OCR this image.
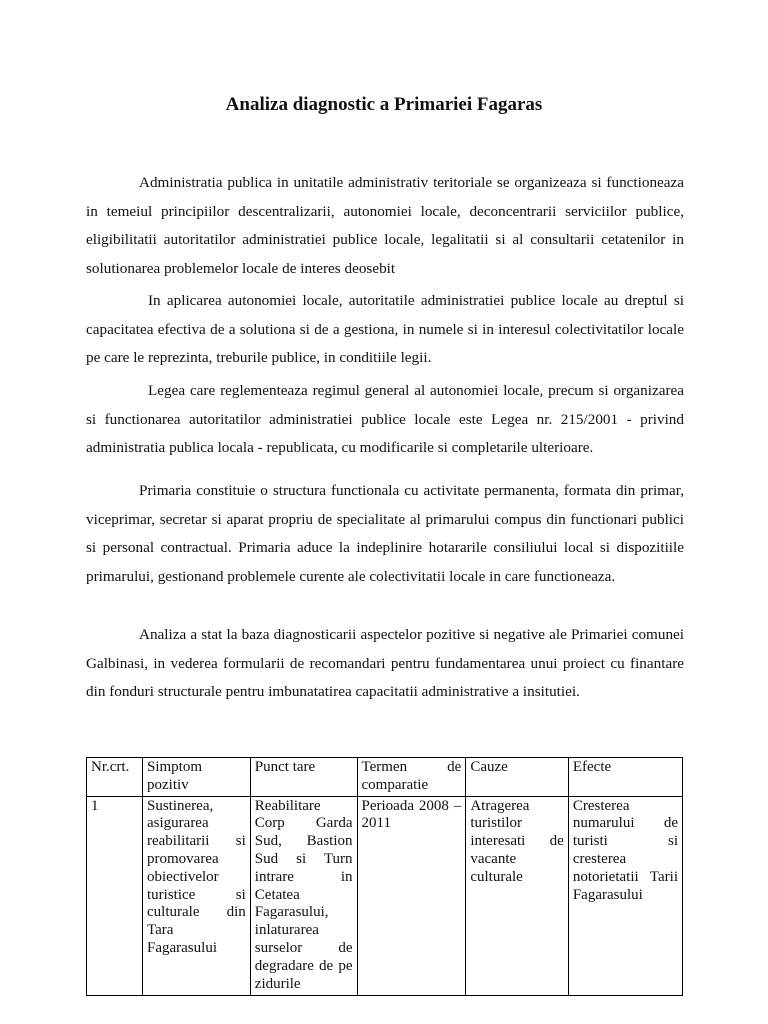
Analiza diagnostic a Primariei Fagaras

Administratia publica in unitatile administrativ teritoriale se organizeaza si functioneaza in temeiul principiilor descentralizarii, autonomiei locale, deconcentrarii serviciilor publice, eligibilitatii autoritatilor administratiei publice locale, legalitatii si al consultarii cetatenilor in solutionarea problemelor locale de interes deosebit

In aplicarea autonomiei locale, autoritatile administratiei publice locale au dreptul si capacitatea efectiva de a solutiona si de a gestiona, in numele si in interesul colectivitatilor locale pe care le reprezinta, treburile publice, in conditiile legii.

Legea care reglementeaza regimul general al autonomiei locale, precum si organizarea si functionarea autoritatilor administratiei publice locale este Legea nr. 215/2001 - privind administratia publica locala - republicata, cu modificarile si completarile ulterioare.

Primaria constituie o structura functionala cu activitate permanenta, formata din primar, viceprimar, secretar si aparat propriu de specialitate al primarului compus din functionari publici si personal contractual. Primaria aduce la indeplinire hotararile consiliului local si dispozitiile primarului, gestionand problemele curente ale colectivitatii locale in care functioneaza.

Analiza a stat la baza diagnosticarii aspectelor pozitive si negative ale Primariei comunei Galbinasi, in vederea formularii de recomandari pentru fundamentarea unui proiect cu finantare din fonduri structurale pentru imbunatatirea capacitatii administrative a insitutiei.

Nr.crt.	Simptom pozitiv	Punct tare	Termen de comparatie	Cauze	Efecte
1	Sustinerea, asigurarea reabilitarii si promovarea obiectivelor turistice si culturale din Tara Fagarasului	Reabilitare Corp Garda Sud, Bastion Sud si Turn intrare in Cetatea Fagarasului, inlaturarea surselor de degradare de pe zidurile	Perioada 2008 – 2011	Atragerea turistilor interesati de vacante culturale	Cresterea numarului de turisti si cresterea notorietatii Tarii Fagarasului
